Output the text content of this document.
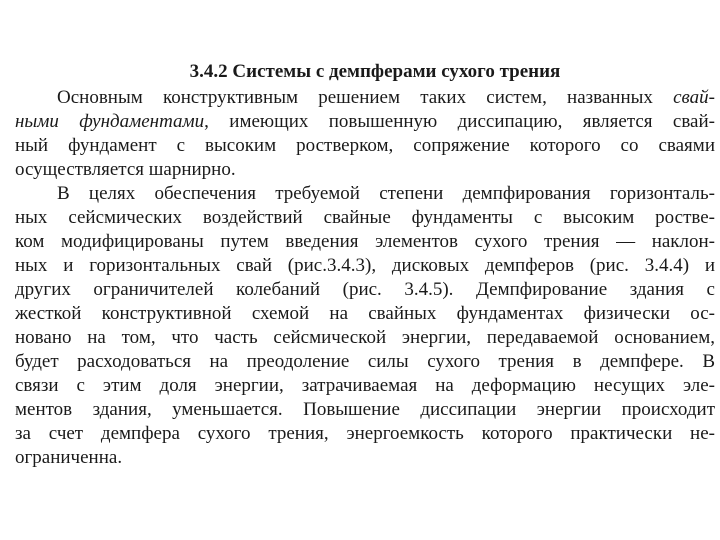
3.4.2 Системы с демпферами сухого трения
Основным конструктивным решением таких систем, названных свай-
ными фундаментами, имеющих повышенную диссипацию, является свай-
ный фундамент с высоким ростверком, сопряжение которого со сваями
осуществляется шарнирно.
В целях обеспечения требуемой степени демпфирования горизонталь-
ных сейсмических воздействий свайные фундаменты с высоким ростве-
ком модифицированы путем введения элементов сухого трения — наклон-
ных и горизонтальных свай (рис.3.4.3), дисковых демпферов (рис. 3.4.4) и
других ограничителей колебаний (рис. 3.4.5). Демпфирование здания с
жесткой конструктивной схемой на свайных фундаментах физически ос-
новано на том, что часть сейсмической энергии, передаваемой основанием,
будет расходоваться на преодоление силы сухого трения в демпфере. В
связи с этим доля энергии, затрачиваемая на деформацию несущих эле-
ментов здания, уменьшается. Повышение диссипации энергии происходит
за счет демпфера сухого трения, энергоемкость которого практически не-
ограниченна.
